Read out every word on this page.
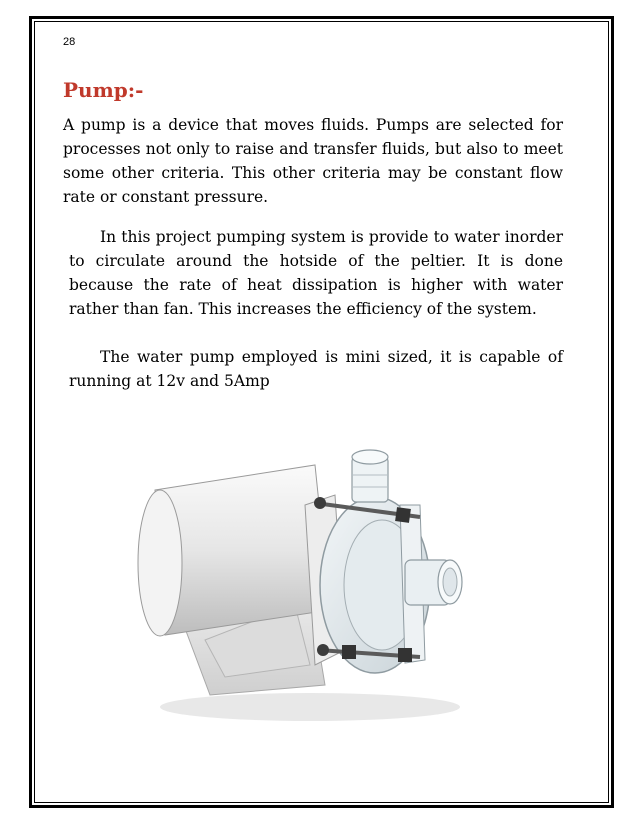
28
Pump:-
A pump is a device that moves fluids. Pumps are selected for processes not only to raise and transfer fluids, but also to meet some other criteria. This other criteria may be constant flow rate or constant pressure.
In this project pumping system is provide to water inorder to circulate around the hotside of the peltier. It is done because the rate of heat dissipation is higher with water rather than fan. This increases the efficiency of the system.
The water pump employed is mini sized, it is capable of running at 12v and 5Amp
